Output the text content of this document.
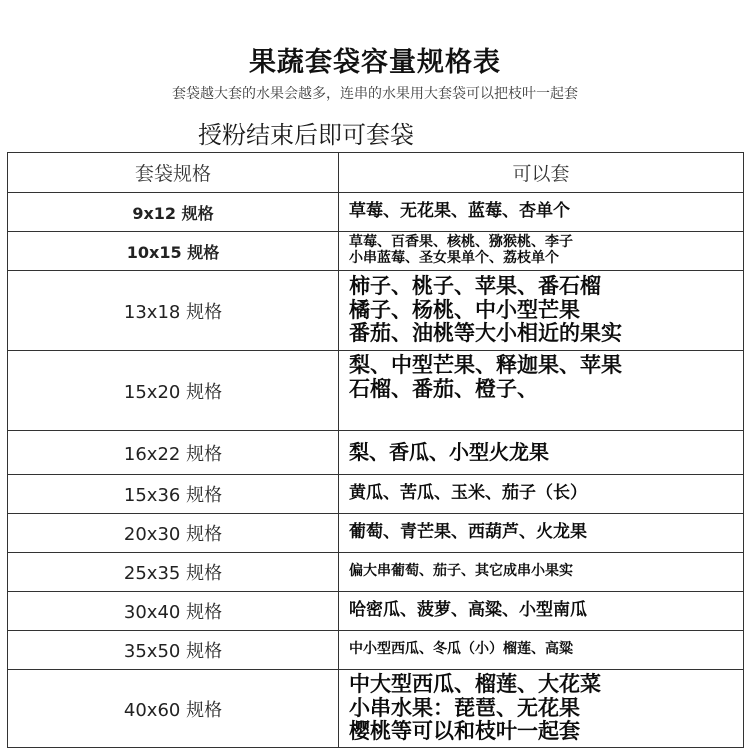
果蔬套袋容量规格表
套袋越大套的水果会越多，连串的水果用大套袋可以把枝叶一起套
授粉结束后即可套袋
套袋规格	可以套
9x12 规格	草莓、无花果、蓝莓、杏单个

10x15 规格	草莓、百香果、核桃、猕猴桃、李子
小串蓝莓、圣女果单个、荔枝单个

13x18 规格	柿子、桃子、苹果、番石榴
橘子、杨桃、中小型芒果
番茄、油桃等大小相近的果实

15x20 规格	梨、中型芒果、释迦果、苹果
石榴、番茄、橙子、

16x22 规格	梨、香瓜、小型火龙果

15x36 规格	黄瓜、苦瓜、玉米、茄子（长）

20x30 规格	葡萄、青芒果、西葫芦、火龙果

25x35 规格	偏大串葡萄、茄子、其它成串小果实

30x40 规格	哈密瓜、菠萝、高粱、小型南瓜

35x50 规格	中小型西瓜、冬瓜（小）榴莲、高粱

40x60 规格	中大型西瓜、榴莲、大花菜
小串水果：琵琶、无花果
樱桃等可以和枝叶一起套
